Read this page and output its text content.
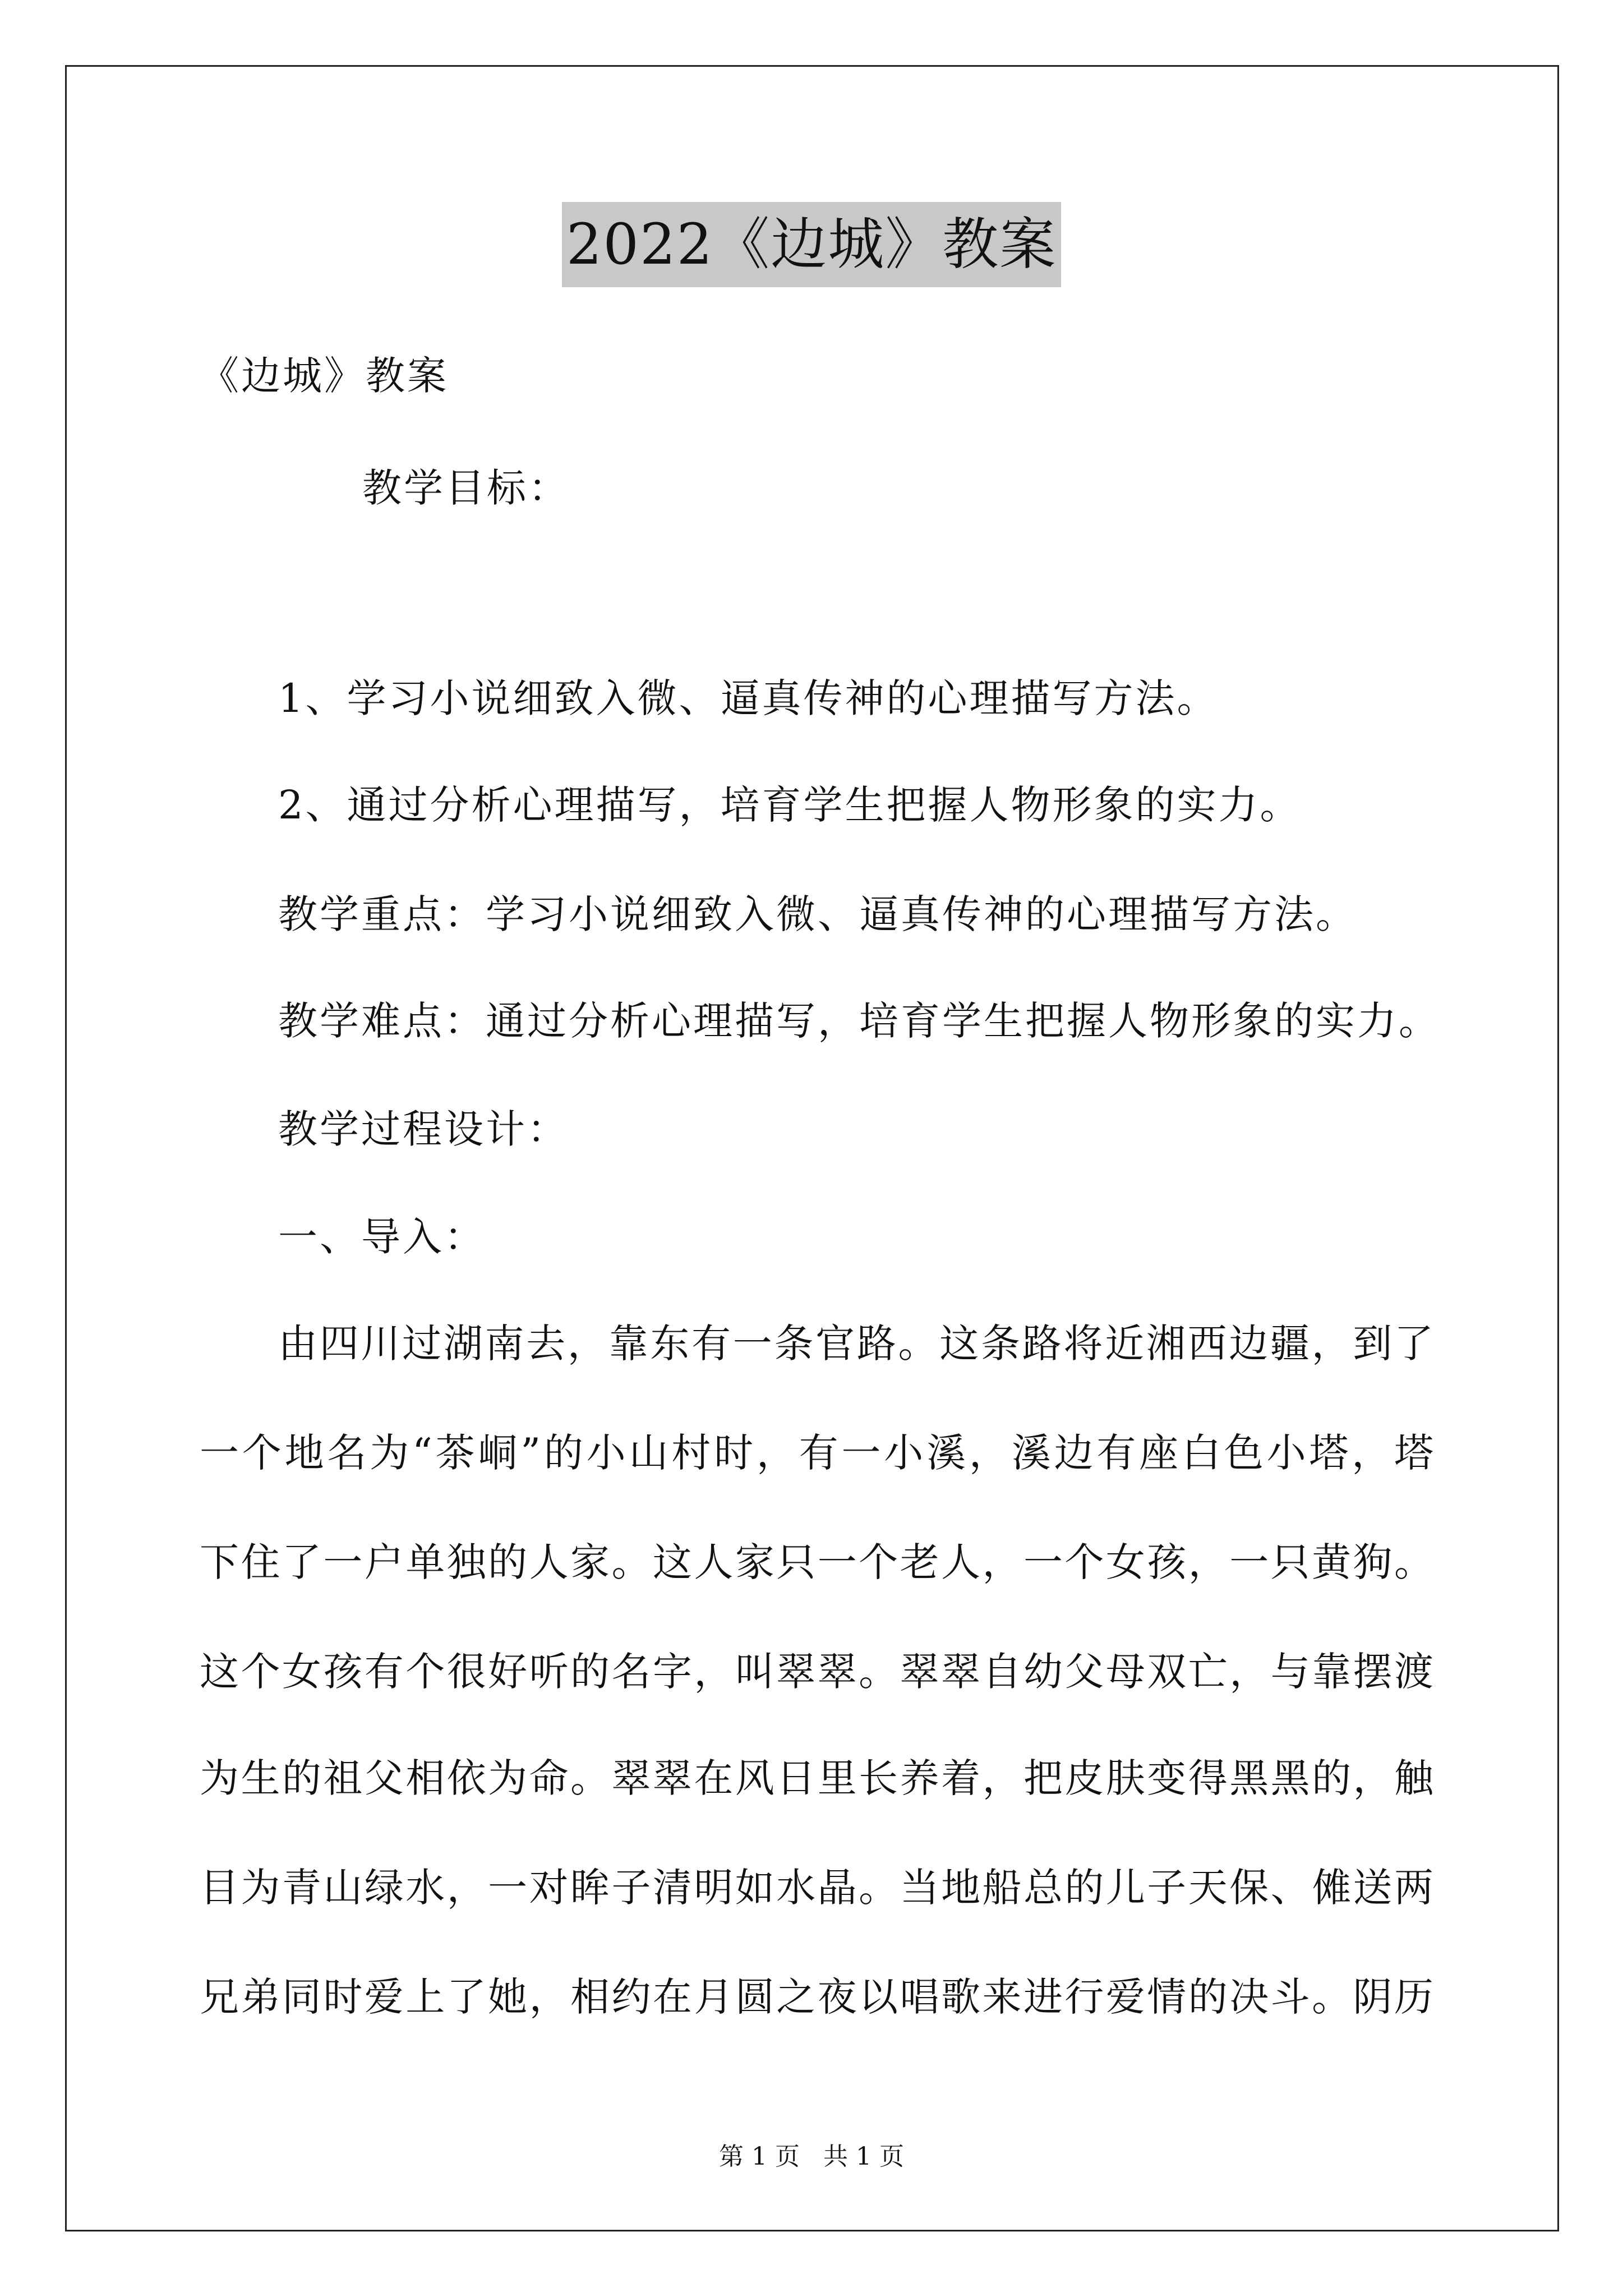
2022《边城》教案
《边城》教案
教学目标：
1、学习小说细致入微、逼真传神的心理描写方法。
2、通过分析心理描写，培育学生把握人物形象的实力。
教学重点：学习小说细致入微、逼真传神的心理描写方法。
教学难点：通过分析心理描写，培育学生把握人物形象的实力。
教学过程设计：
一、导入：
由四川过湖南去，靠东有一条官路。这条路将近湘西边疆，到了
一个地名为“茶峒”的小山村时，有一小溪，溪边有座白色小塔，塔
下住了一户单独的人家。这人家只一个老人，一个女孩，一只黄狗。
这个女孩有个很好听的名字，叫翠翠。翠翠自幼父母双亡，与靠摆渡
为生的祖父相依为命。翠翠在风日里长养着，把皮肤变得黑黑的，触
目为青山绿水，一对眸子清明如水晶。当地船总的儿子天保、傩送两
兄弟同时爱上了她，相约在月圆之夜以唱歌来进行爱情的决斗。阴历
第 1 页   共 1 页
